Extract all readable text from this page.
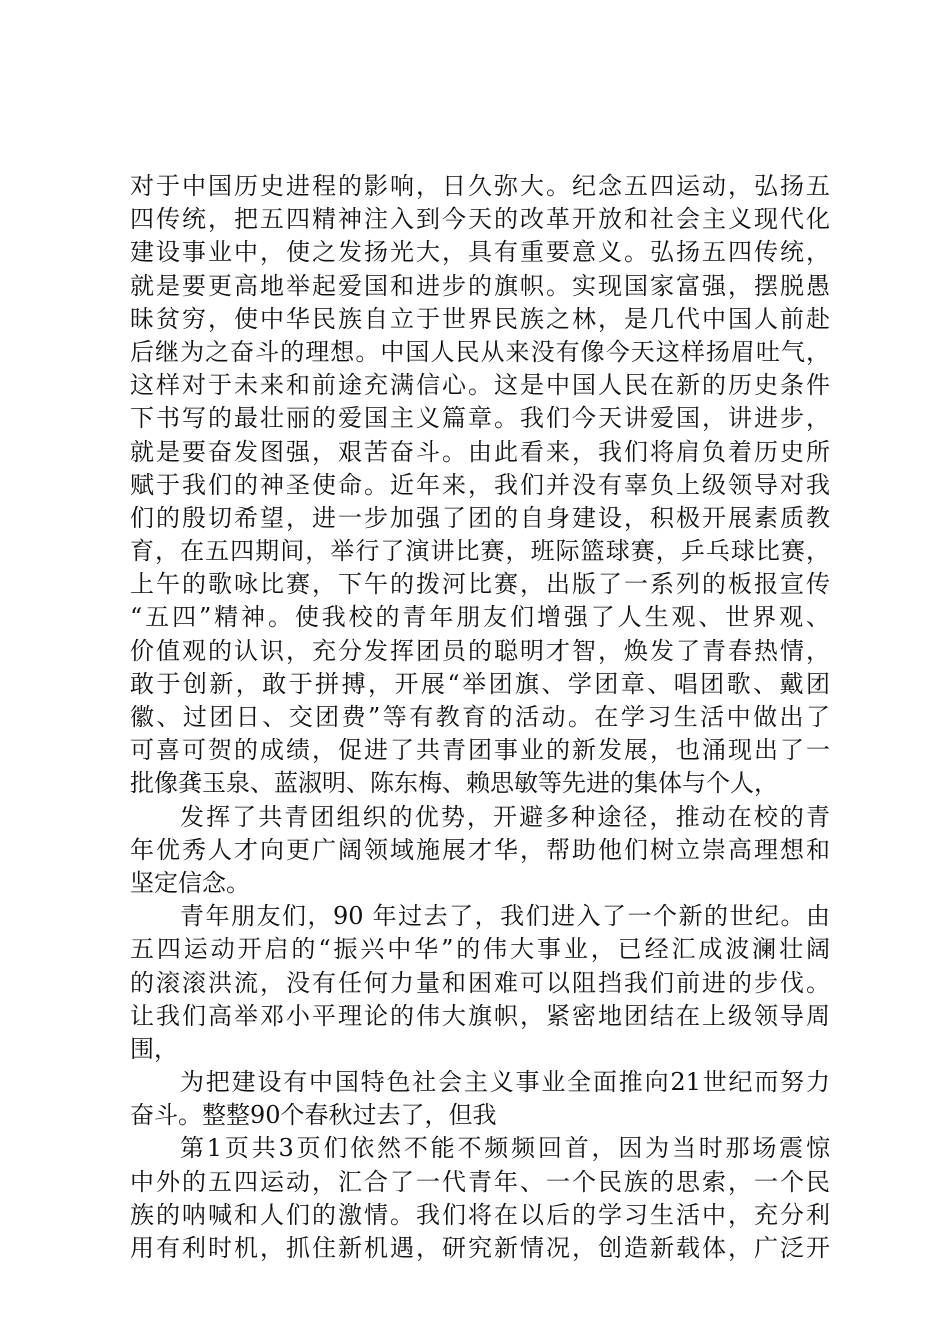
对于中国历史进程的影响，日久弥大。纪念五四运动，弘扬五
四传统，把五四精神注入到今天的改革开放和社会主义现代化
建设事业中，使之发扬光大，具有重要意义。弘扬五四传统，
就是要更高地举起爱国和进步的旗帜。实现国家富强，摆脱愚
昧贫穷，使中华民族自立于世界民族之林，是几代中国人前赴
后继为之奋斗的理想。中国人民从来没有像今天这样扬眉吐气，
这样对于未来和前途充满信心。这是中国人民在新的历史条件
下书写的最壮丽的爱国主义篇章。我们今天讲爱国，讲进步，
就是要奋发图强，艰苦奋斗。由此看来，我们将肩负着历史所
赋于我们的神圣使命。近年来，我们并没有辜负上级领导对我
们的殷切希望，进一步加强了团的自身建设，积极开展素质教
育，在五四期间，举行了演讲比赛，班际篮球赛，乒乓球比赛，
上午的歌咏比赛，下午的拨河比赛，出版了一系列的板报宣传
“五四”精神。使我校的青年朋友们增强了人生观、世界观、
价值观的认识，充分发挥团员的聪明才智，焕发了青春热情，
敢于创新，敢于拼搏，开展“举团旗、学团章、唱团歌、戴团
徽、过团日、交团费”等有教育的活动。在学习生活中做出了
可喜可贺的成绩，促进了共青团事业的新发展，也涌现出了一
批像龚玉泉、蓝淑明、陈东梅、赖思敏等先进的集体与个人，
发挥了共青团组织的优势，开避多种途径，推动在校的青
年优秀人才向更广阔领域施展才华，帮助他们树立崇高理想和
坚定信念。
青年朋友们，90 年过去了，我们进入了一个新的世纪。由
五四运动开启的“振兴中华”的伟大事业，已经汇成波澜壮阔
的滚滚洪流，没有任何力量和困难可以阻挡我们前进的步伐。
让我们高举邓小平理论的伟大旗帜，紧密地团结在上级领导周
围，
为把建设有中国特色社会主义事业全面推向21世纪而努力
奋斗。整整90个春秋过去了，但我
第1页共3页们依然不能不频频回首，因为当时那场震惊
中外的五四运动，汇合了一代青年、一个民族的思索，一个民
族的呐喊和人们的激情。我们将在以后的学习生活中，充分利
用有利时机，抓住新机遇，研究新情况，创造新载体，广泛开
